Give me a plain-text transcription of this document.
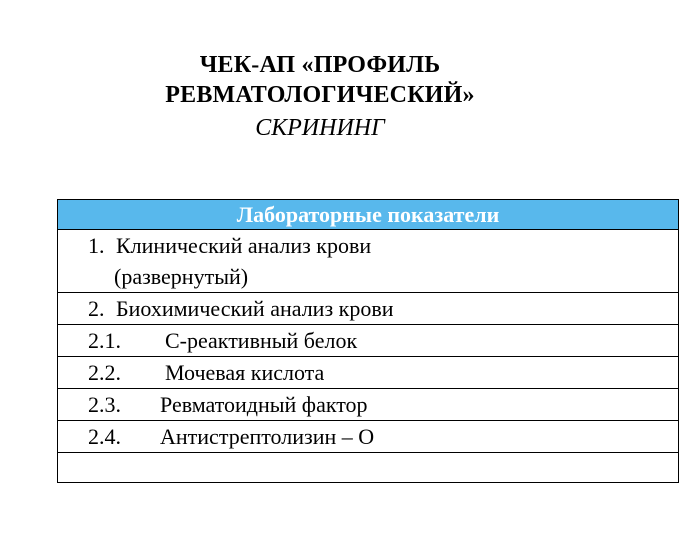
ЧЕК-АП «ПРОФИЛЬ
РЕВМАТОЛОГИЧЕСКИЙ»
СКРИНИНГ
Лабораторные показатели
1. Клинический анализ крови
(развернутый)

2. Биохимический анализ крови
2.1. С-реактивный белок
2.2. Мочевая кислота
2.3. Ревматоидный фактор
2.4. Антистрептолизин – О
